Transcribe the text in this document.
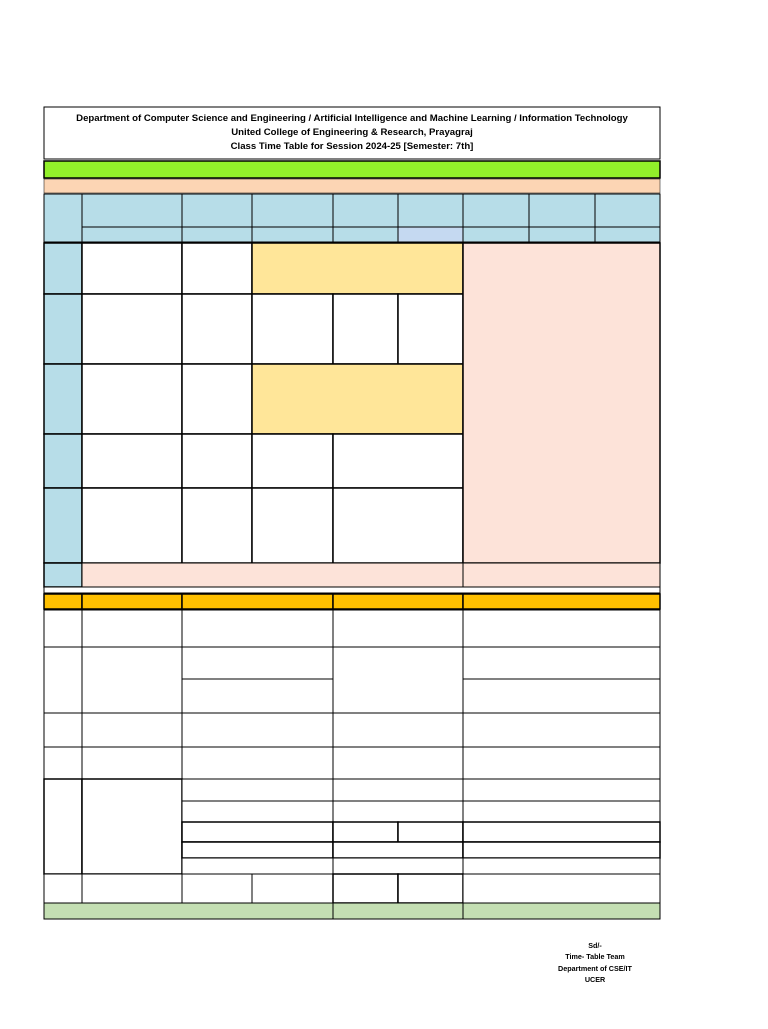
Department of Computer Science and Engineering / Artificial Intelligence and Machine Learning / Information Technology
United College of Engineering & Research, Prayagraj
Class Time Table for Session 2024-25 [Semester: 7th]
Sd/-
Time- Table Team
Department of CSE/IT
UCER
